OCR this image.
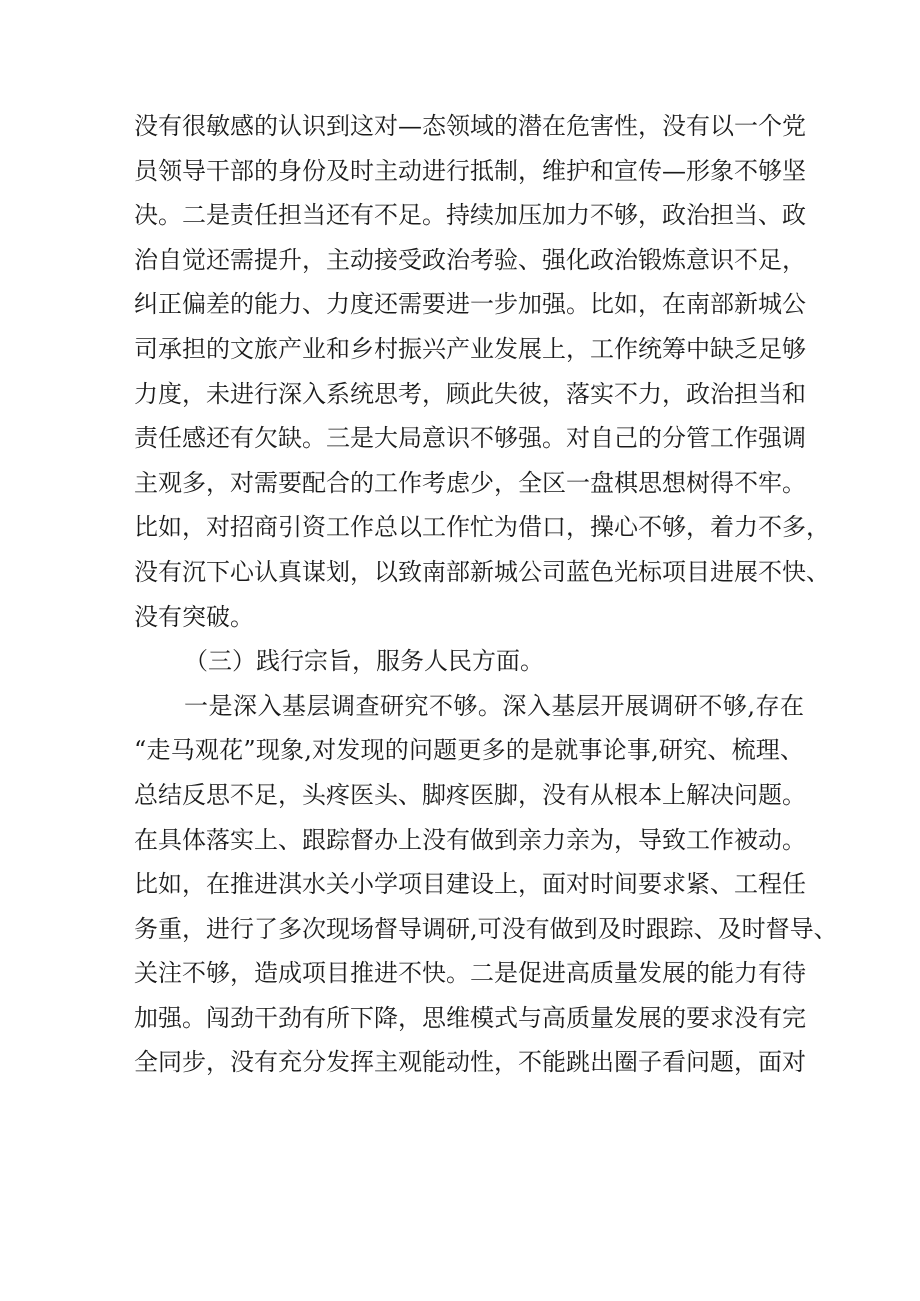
没有很敏感的认识到这对—态领域的潜在危害性，没有以一个党
员领导干部的身份及时主动进行抵制，维护和宣传—形象不够坚
决。二是责任担当还有不足。持续加压加力不够，政治担当、政
治自觉还需提升，主动接受政治考验、强化政治锻炼意识不足，
纠正偏差的能力、力度还需要进一步加强。比如，在南部新城公
司承担的文旅产业和乡村振兴产业发展上，工作统筹中缺乏足够
力度，未进行深入系统思考，顾此失彼，落实不力，政治担当和
责任感还有欠缺。三是大局意识不够强。对自己的分管工作强调
主观多，对需要配合的工作考虑少，全区一盘棋思想树得不牢。
比如，对招商引资工作总以工作忙为借口，操心不够，着力不多，
没有沉下心认真谋划，以致南部新城公司蓝色光标项目进展不快、
没有突破。
（三）践行宗旨，服务人民方面。
一是深入基层调查研究不够。深入基层开展调研不够,存在
“走马观花”现象,对发现的问题更多的是就事论事,研究、梳理、
总结反思不足，头疼医头、脚疼医脚，没有从根本上解决问题。
在具体落实上、跟踪督办上没有做到亲力亲为，导致工作被动。
比如，在推进淇水关小学项目建设上，面对时间要求紧、工程任
务重，进行了多次现场督导调研,可没有做到及时跟踪、及时督导、
关注不够，造成项目推进不快。二是促进高质量发展的能力有待
加强。闯劲干劲有所下降，思维模式与高质量发展的要求没有完
全同步，没有充分发挥主观能动性，不能跳出圈子看问题，面对
